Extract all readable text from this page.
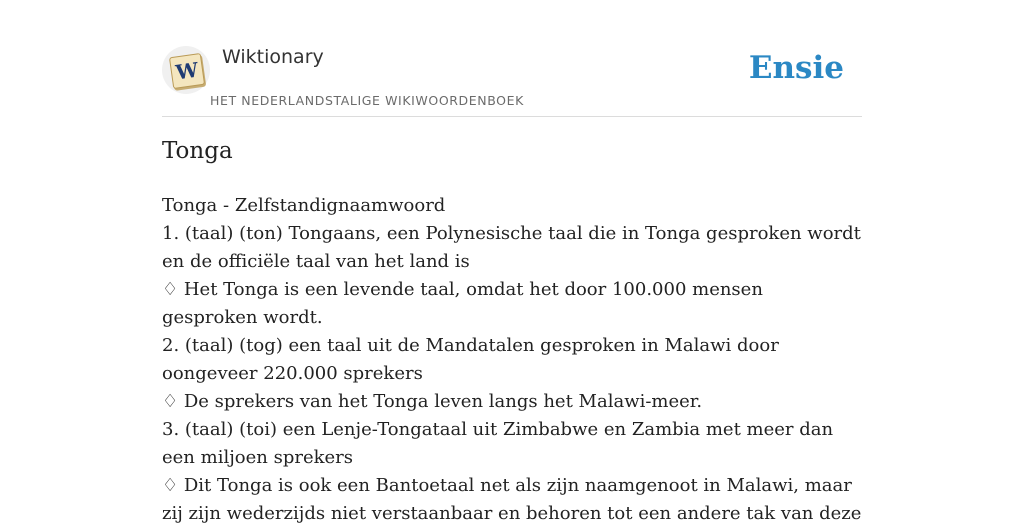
W
Wiktionary
HET NEDERLANDSTALIGE WIKIWOORDENBOEK
Ensie
Tonga

Tonga - Zelfstandignaamwoord

1. (taal) (ton) Tongaans, een Polynesische taal die in Tonga gesproken wordt en de officiële taal van het land is

♢ Het Tonga is een levende taal, omdat het door 100.000 mensen gesproken wordt.

2. (taal) (tog) een taal uit de Mandatalen gesproken in Malawi door oongeveer 220.000 sprekers

♢ De sprekers van het Tonga leven langs het Malawi-meer.

3. (taal) (toi) een Lenje-Tongataal uit Zimbabwe en Zambia met meer dan een miljoen sprekers

♢ Dit Tonga is ook een Bantoetaal net als zijn naamgenoot in Malawi, maar zij zijn wederzijds niet verstaanbaar en behoren tot een andere tak van deze
